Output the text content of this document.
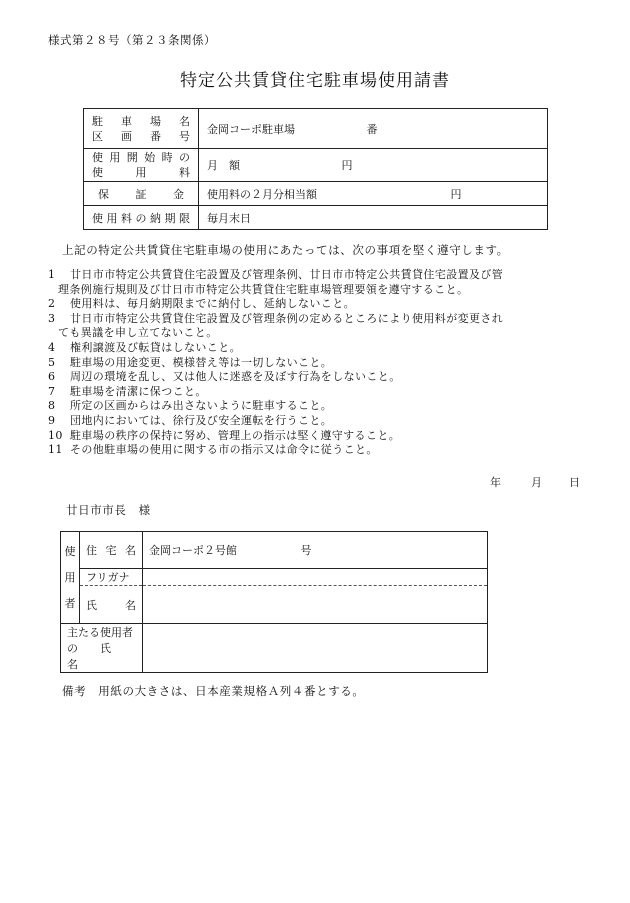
様式第２８号（第２３条関係）
特定公共賃貸住宅駐車場使用請書
駐車場名
区画番号	金岡コーポ駐車場 番

使用開始時の
使用料	月　額 円

保証金	使用料の２月分相当額 円

使用料の納期限	毎月末日
上記の特定公共賃貸住宅駐車場の使用にあたっては、次の事項を堅く遵守します。
1	廿日市市特定公共賃貸住宅設置及び管理条例、廿日市市特定公共賃貸住宅設置及び管
理条例施行規則及び廿日市市特定公共賃貸住宅駐車場管理要領を遵守すること。
2	使用料は、毎月納期限までに納付し、延納しないこと。
3	廿日市市特定公共賃貸住宅設置及び管理条例の定めるところにより使用料が変更され
ても異議を申し立てないこと。
4	権利譲渡及び転貸はしないこと。
5	駐車場の用途変更、模様替え等は一切しないこと。
6	周辺の環境を乱し、又は他人に迷惑を及ぼす行為をしないこと。
7	駐車場を清潔に保つこと。
8	所定の区画からはみ出さないように駐車すること。
9	団地内においては、徐行及び安全運転を行うこと。
10 駐車場の秩序の保持に努め、管理上の指示は堅く遵守すること。
11 その他駐車場の使用に関する市の指示又は命令に従うこと。
年	月 日
廿日市市長　様
使
用
者	住宅名	金岡コーポ２号館 号
	フリガナ	

	氏名	

主たる使用者
の　　氏　　名		

備考　用紙の大きさは、日本産業規格Ａ列４番とする。
